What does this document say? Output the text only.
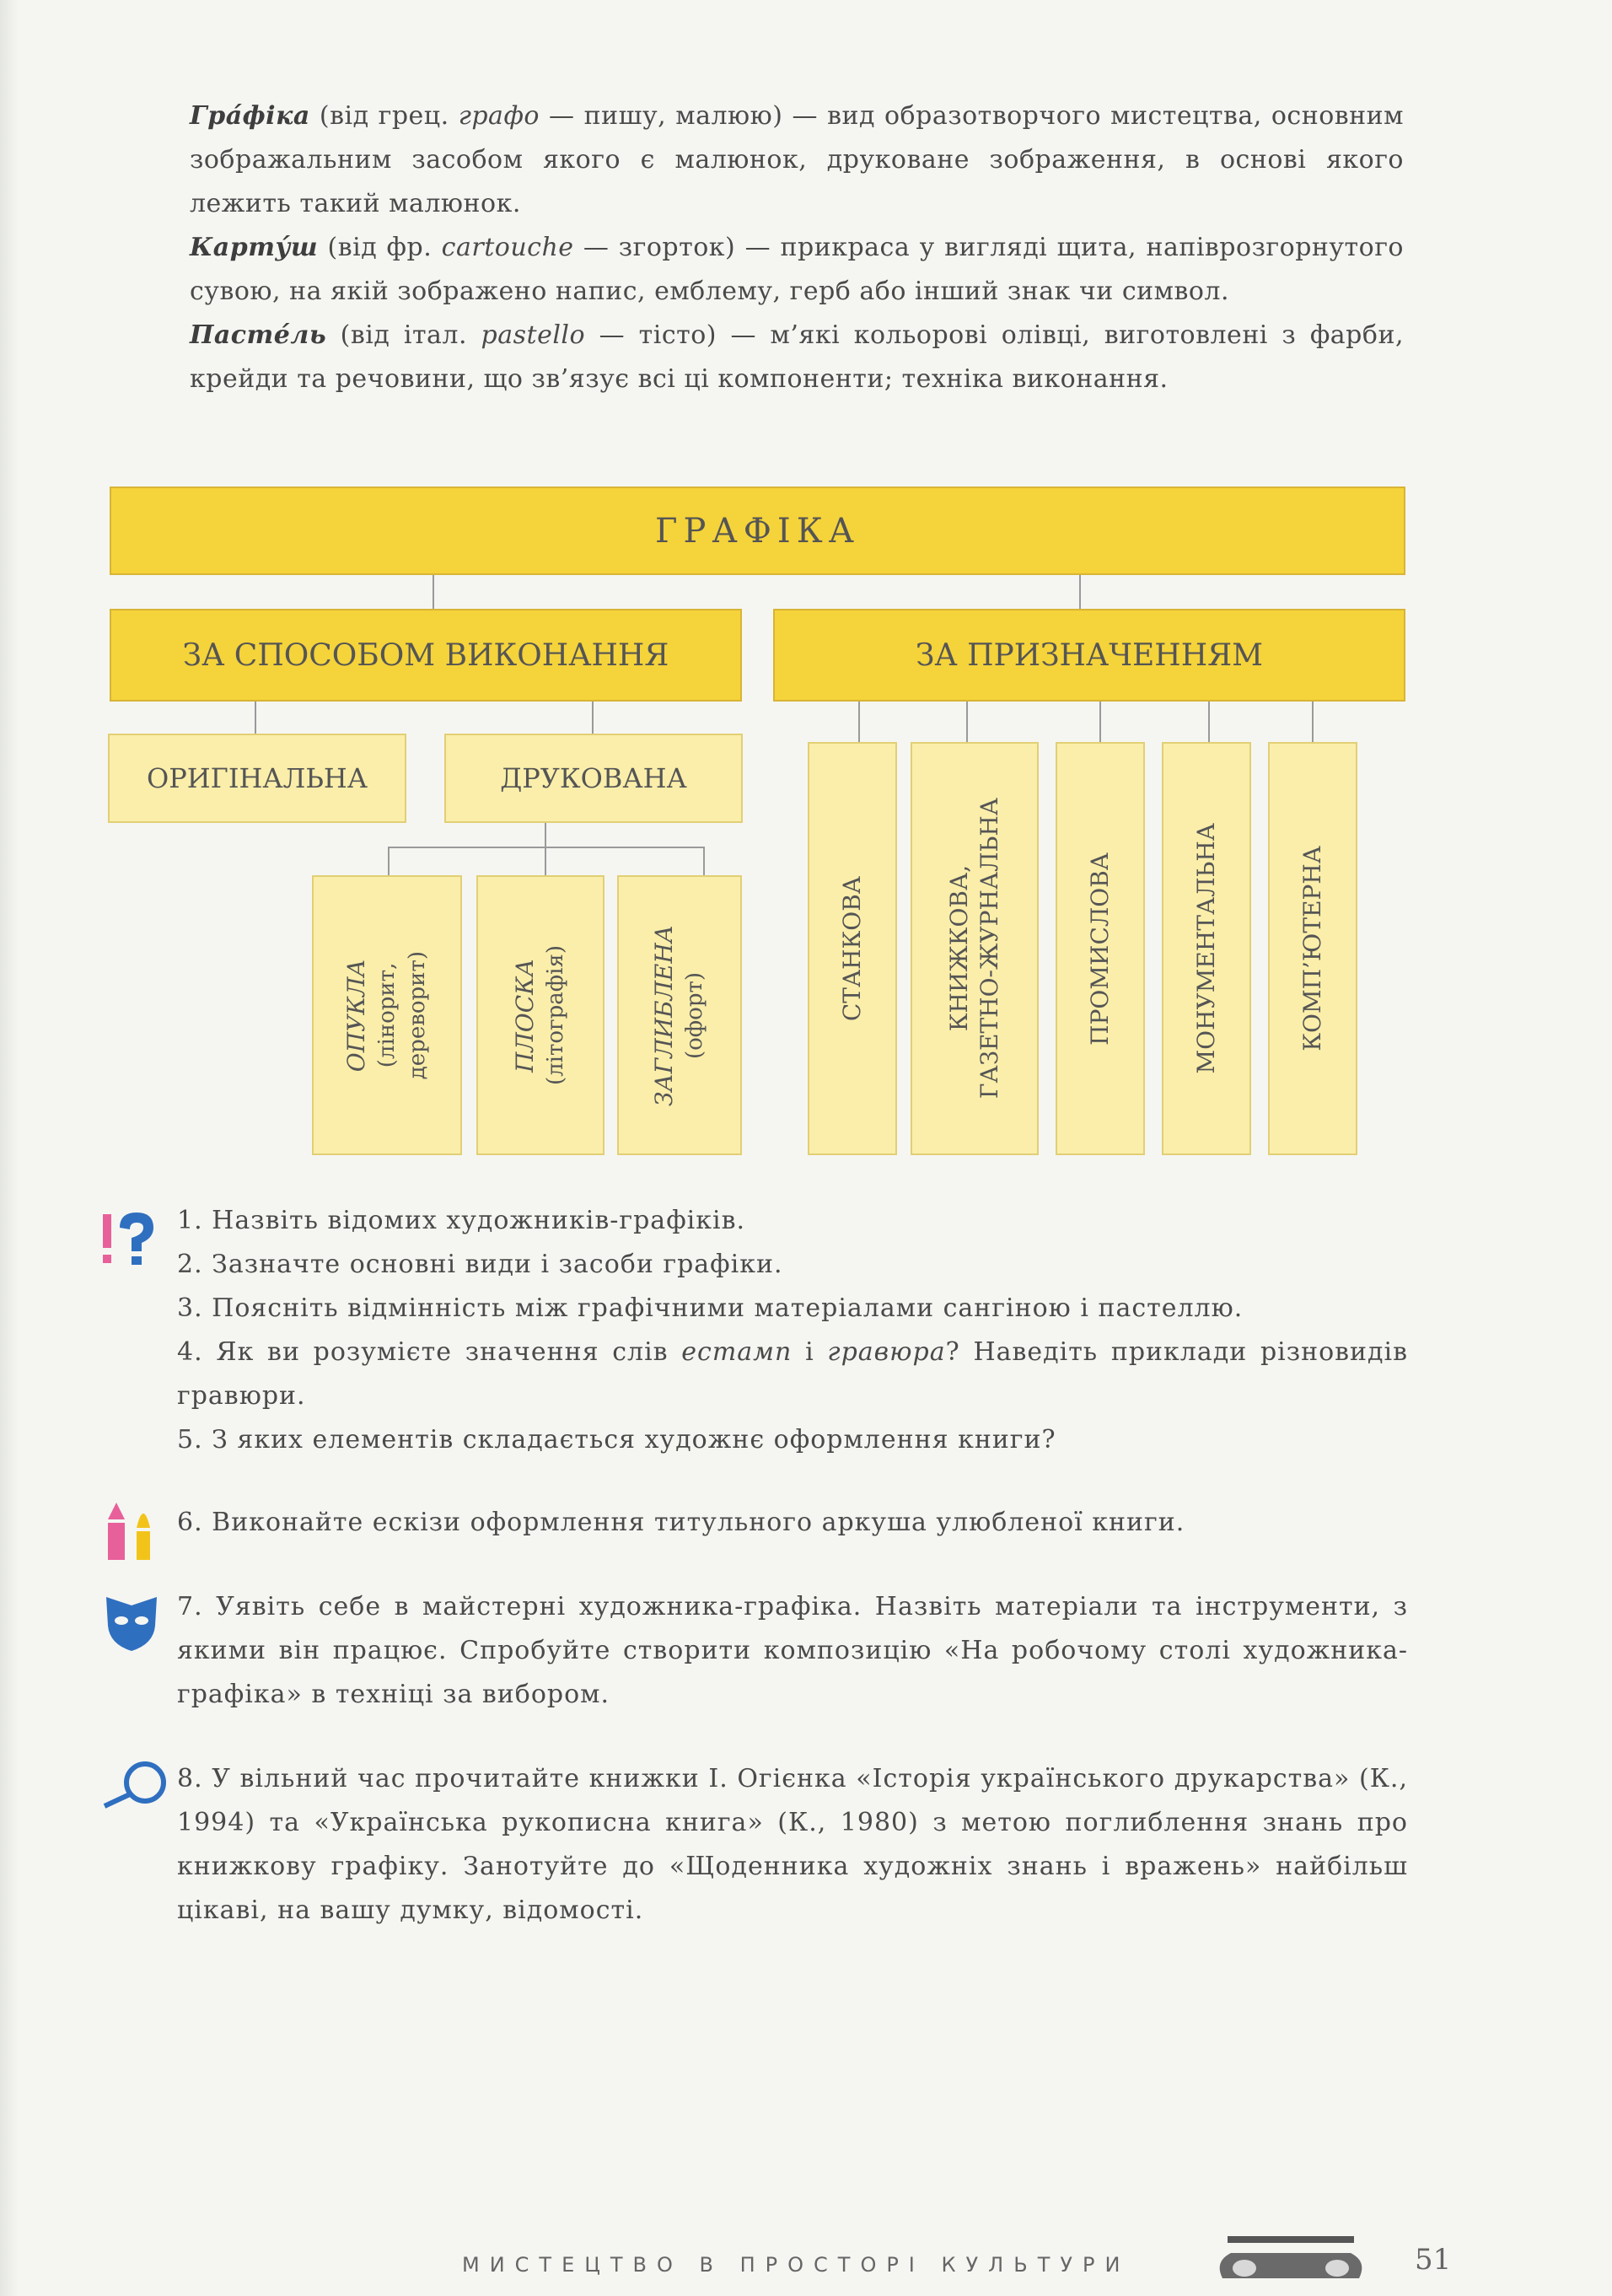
Гра́фіка (від грец. графо — пишу, малюю) — вид образотворчого мистецтва, основним зображальним засобом якого є малюнок, друковане зображення, в основі якого лежить такий малюнок.

Карту́ш (від фр. cartouche — згорток) — прикраса у вигляді щита, напіврозгорнутого сувою, на якій зображено напис, емблему, герб або інший знак чи символ.

Пасте́ль (від італ. pastello — тісто) — м’які кольорові олівці, виготовлені з фарби, крейди та речовини, що зв’язує всі ці компоненти; техніка виконання.

ГРАФІКА
ЗА СПОСОБОМ ВИКОНАННЯ	ЗА ПРИЗНАЧЕННЯМ
ОРИГІНАЛЬНА	ДРУКОВАНА
ОПУКЛА (лінорит, дереворит)	ПЛОСКА (літографія)	ЗАГЛИБЛЕНА (офорт)	СТАНКОВА	КНИЖКОВА, ГАЗЕТНО-ЖУРНАЛЬНА	ПРОМИСЛОВА	МОНУМЕНТАЛЬНА	КОМП’ЮТЕРНА

1. Назвіть відомих художників-графіків.

2. Зазначте основні види і засоби графіки.

3. Поясніть відмінність між графічними матеріалами сангіною і пастеллю.

4. Як ви розумієте значення слів естамп і гравюра? Наведіть приклади різновидів гравюри.

5. З яких елементів складається художнє оформлення книги?

6. Виконайте ескізи оформлення титульного аркуша улюбленої книги.

7. Уявіть себе в майстерні художника-графіка. Назвіть матеріали та інструменти, з якими він працює. Спробуйте створити композицію «На робочому столі художника-графіка» в техніці за вибором.

8. У вільний час прочитайте книжки І. Огієнка «Історія українського друкарства» (К., 1994) та «Українська рукописна книга» (К., 1980) з метою поглиблення знань про книжкову графіку. Занотуйте до «Щоденника художніх знань і вражень» найбільш цікаві, на вашу думку, відомості.

МИСТЕЦТВО В ПРОСТОРІ КУЛЬТУРИ	51
